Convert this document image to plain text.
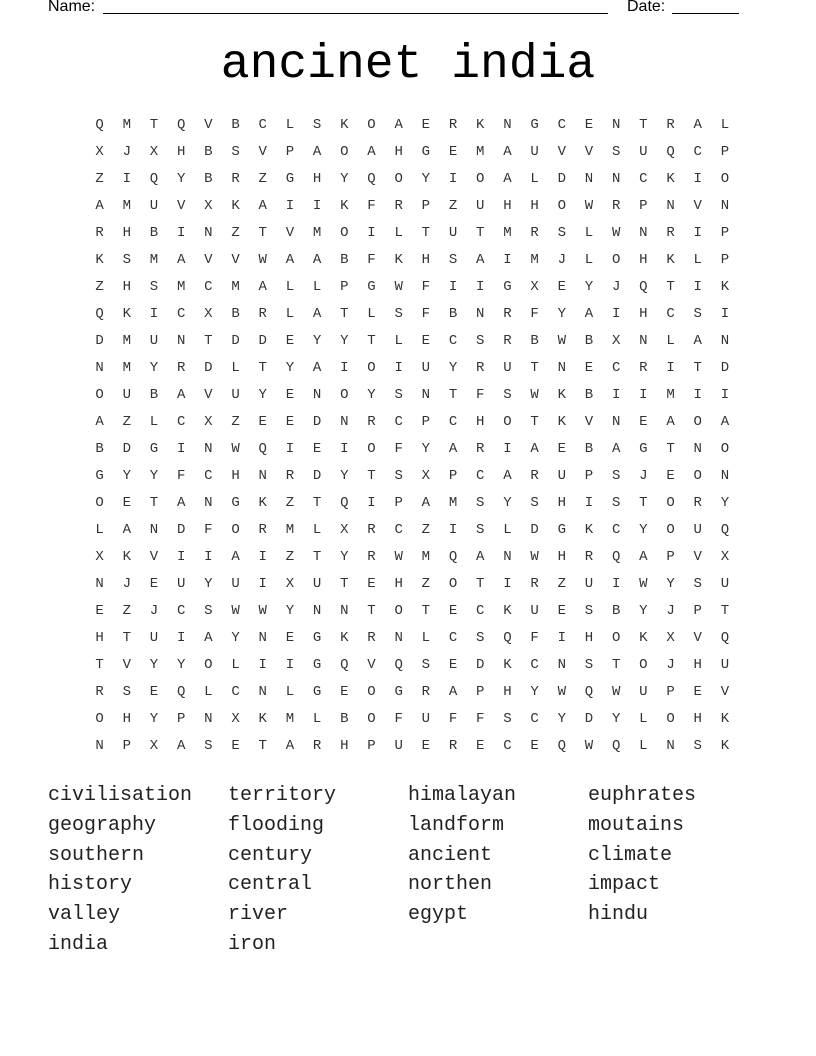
Name:	Date:
ancinet india
Q	M	T	Q	V	B	C	L	S	K	O	A	E	R	K	N	G	C	E	N	T	R	A	L
X	J	X	H	B	S	V	P	A	O	A	H	G	E	M	A	U	V	V	S	U	Q	C	P
Z	I	Q	Y	B	R	Z	G	H	Y	Q	O	Y	I	O	A	L	D	N	N	C	K	I	O
A	M	U	V	X	K	A	I	I	K	F	R	P	Z	U	H	H	O	W	R	P	N	V	N
R	H	B	I	N	Z	T	V	M	O	I	L	T	U	T	M	R	S	L	W	N	R	I	P
K	S	M	A	V	V	W	A	A	B	F	K	H	S	A	I	M	J	L	O	H	K	L	P
Z	H	S	M	C	M	A	L	L	P	G	W	F	I	I	G	X	E	Y	J	Q	T	I	K
Q	K	I	C	X	B	R	L	A	T	L	S	F	B	N	R	F	Y	A	I	H	C	S	I
D	M	U	N	T	D	D	E	Y	Y	T	L	E	C	S	R	B	W	B	X	N	L	A	N
N	M	Y	R	D	L	T	Y	A	I	O	I	U	Y	R	U	T	N	E	C	R	I	T	D
O	U	B	A	V	U	Y	E	N	O	Y	S	N	T	F	S	W	K	B	I	I	M	I	I
A	Z	L	C	X	Z	E	E	D	N	R	C	P	C	H	O	T	K	V	N	E	A	O	A
B	D	G	I	N	W	Q	I	E	I	O	F	Y	A	R	I	A	E	B	A	G	T	N	O
G	Y	Y	F	C	H	N	R	D	Y	T	S	X	P	C	A	R	U	P	S	J	E	O	N
O	E	T	A	N	G	K	Z	T	Q	I	P	A	M	S	Y	S	H	I	S	T	O	R	Y
L	A	N	D	F	O	R	M	L	X	R	C	Z	I	S	L	D	G	K	C	Y	O	U	Q
X	K	V	I	I	A	I	Z	T	Y	R	W	M	Q	A	N	W	H	R	Q	A	P	V	X
N	J	E	U	Y	U	I	X	U	T	E	H	Z	O	T	I	R	Z	U	I	W	Y	S	U
E	Z	J	C	S	W	W	Y	N	N	T	O	T	E	C	K	U	E	S	B	Y	J	P	T
H	T	U	I	A	Y	N	E	G	K	R	N	L	C	S	Q	F	I	H	O	K	X	V	Q
T	V	Y	Y	O	L	I	I	G	Q	V	Q	S	E	D	K	C	N	S	T	O	J	H	U
R	S	E	Q	L	C	N	L	G	E	O	G	R	A	P	H	Y	W	Q	W	U	P	E	V
O	H	Y	P	N	X	K	M	L	B	O	F	U	F	F	S	C	Y	D	Y	L	O	H	K
N	P	X	A	S	E	T	A	R	H	P	U	E	R	E	C	E	Q	W	Q	L	N	S	K
civilisation	territory	himalayan	euphrates
geography	flooding	landform	moutains
southern	century	ancient	climate
history	central	northen	impact
valley	river	egypt	hindu
india	iron
